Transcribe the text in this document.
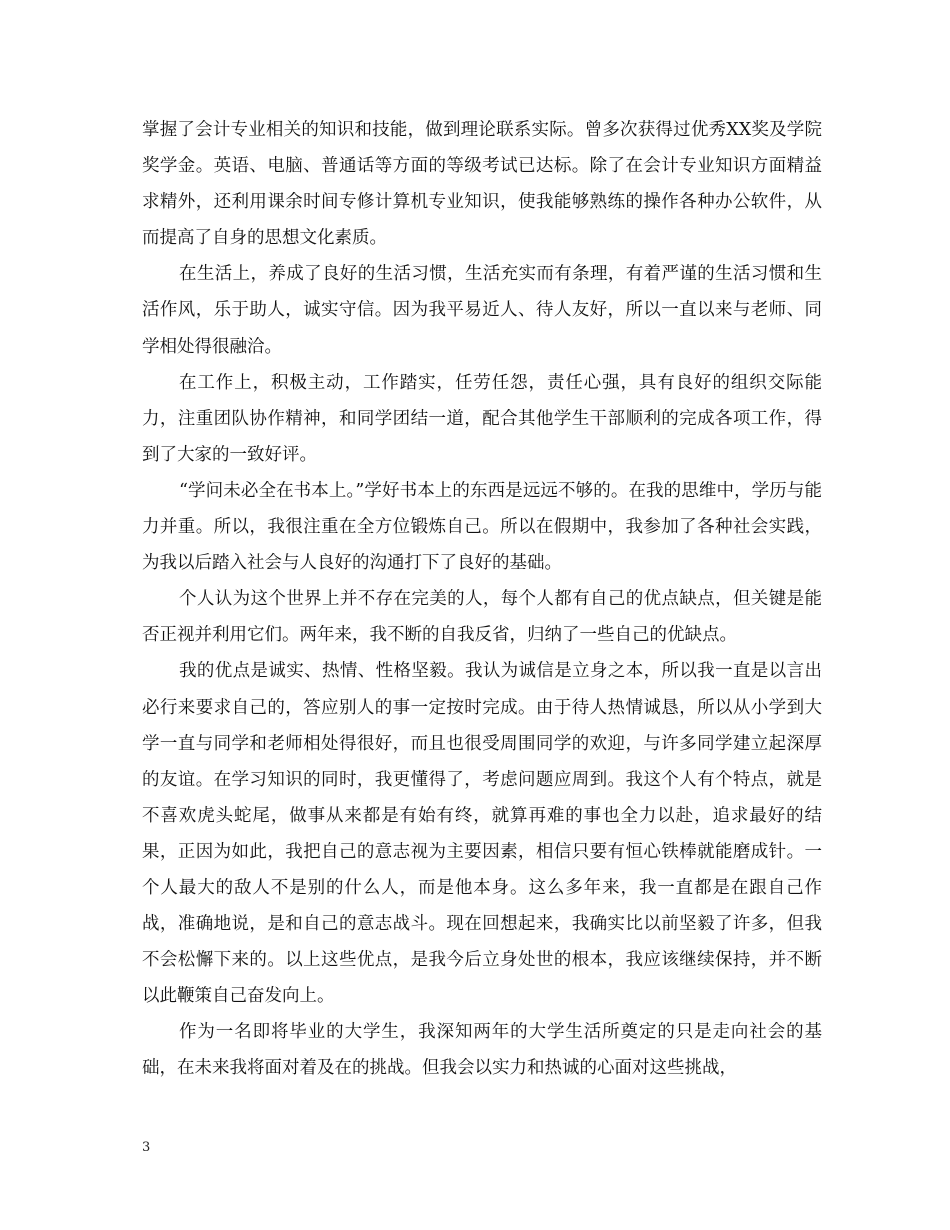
掌握了会计专业相关的知识和技能，做到理论联系实际。曾多次获得过优秀XX奖及学院奖学金。英语、电脑、普通话等方面的等级考试已达标。除了在会计专业知识方面精益求精外，还利用课余时间专修计算机专业知识，使我能够熟练的操作各种办公软件，从而提高了自身的思想文化素质。

在生活上，养成了良好的生活习惯，生活充实而有条理，有着严谨的生活习惯和生活作风，乐于助人，诚实守信。因为我平易近人、待人友好，所以一直以来与老师、同学相处得很融洽。

在工作上，积极主动，工作踏实，任劳任怨，责任心强，具有良好的组织交际能力，注重团队协作精神，和同学团结一道，配合其他学生干部顺利的完成各项工作，得到了大家的一致好评。

“学问未必全在书本上。”学好书本上的东西是远远不够的。在我的思维中，学历与能力并重。所以，我很注重在全方位锻炼自己。所以在假期中，我参加了各种社会实践，为我以后踏入社会与人良好的沟通打下了良好的基础。

个人认为这个世界上并不存在完美的人，每个人都有自己的优点缺点，但关键是能否正视并利用它们。两年来，我不断的自我反省，归纳了一些自己的优缺点。

我的优点是诚实、热情、性格坚毅。我认为诚信是立身之本，所以我一直是以言出必行来要求自己的，答应别人的事一定按时完成。由于待人热情诚恳，所以从小学到大学一直与同学和老师相处得很好，而且也很受周围同学的欢迎，与许多同学建立起深厚的友谊。在学习知识的同时，我更懂得了，考虑问题应周到。我这个人有个特点，就是不喜欢虎头蛇尾，做事从来都是有始有终，就算再难的事也全力以赴，追求最好的结果，正因为如此，我把自己的意志视为主要因素，相信只要有恒心铁棒就能磨成针。一个人最大的敌人不是别的什么人，而是他本身。这么多年来，我一直都是在跟自己作战，准确地说，是和自己的意志战斗。现在回想起来，我确实比以前坚毅了许多，但我不会松懈下来的。以上这些优点，是我今后立身处世的根本，我应该继续保持，并不断以此鞭策自己奋发向上。

作为一名即将毕业的大学生，我深知两年的大学生活所奠定的只是走向社会的基础，在未来我将面对着及在的挑战。但我会以实力和热诚的心面对这些挑战，

3
